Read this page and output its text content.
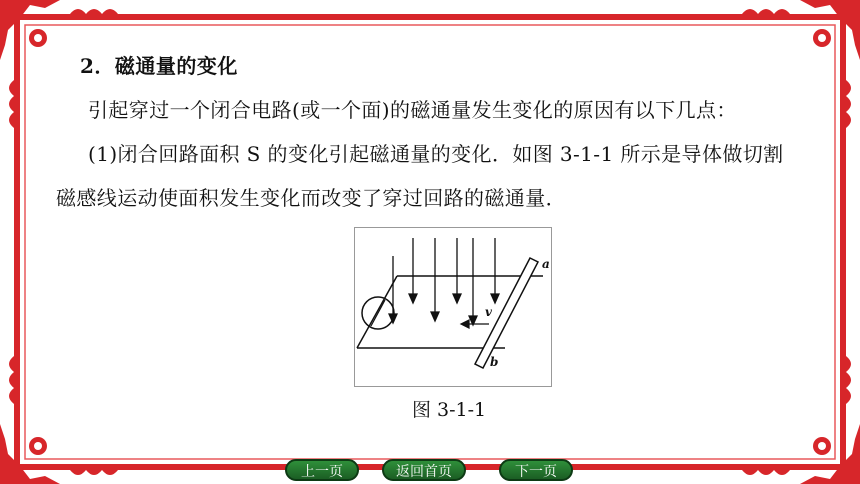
2．磁通量的变化
引起穿过一个闭合电路(或一个面)的磁通量发生变化的原因有以下几点：
(1)闭合回路面积 S 的变化引起磁通量的变化．如图 3-1-1 所示是导体做切割
磁感线运动使面积发生变化而改变了穿过回路的磁通量．
v
a
b
图 3-1-1
上一页	返回首页	下一页
